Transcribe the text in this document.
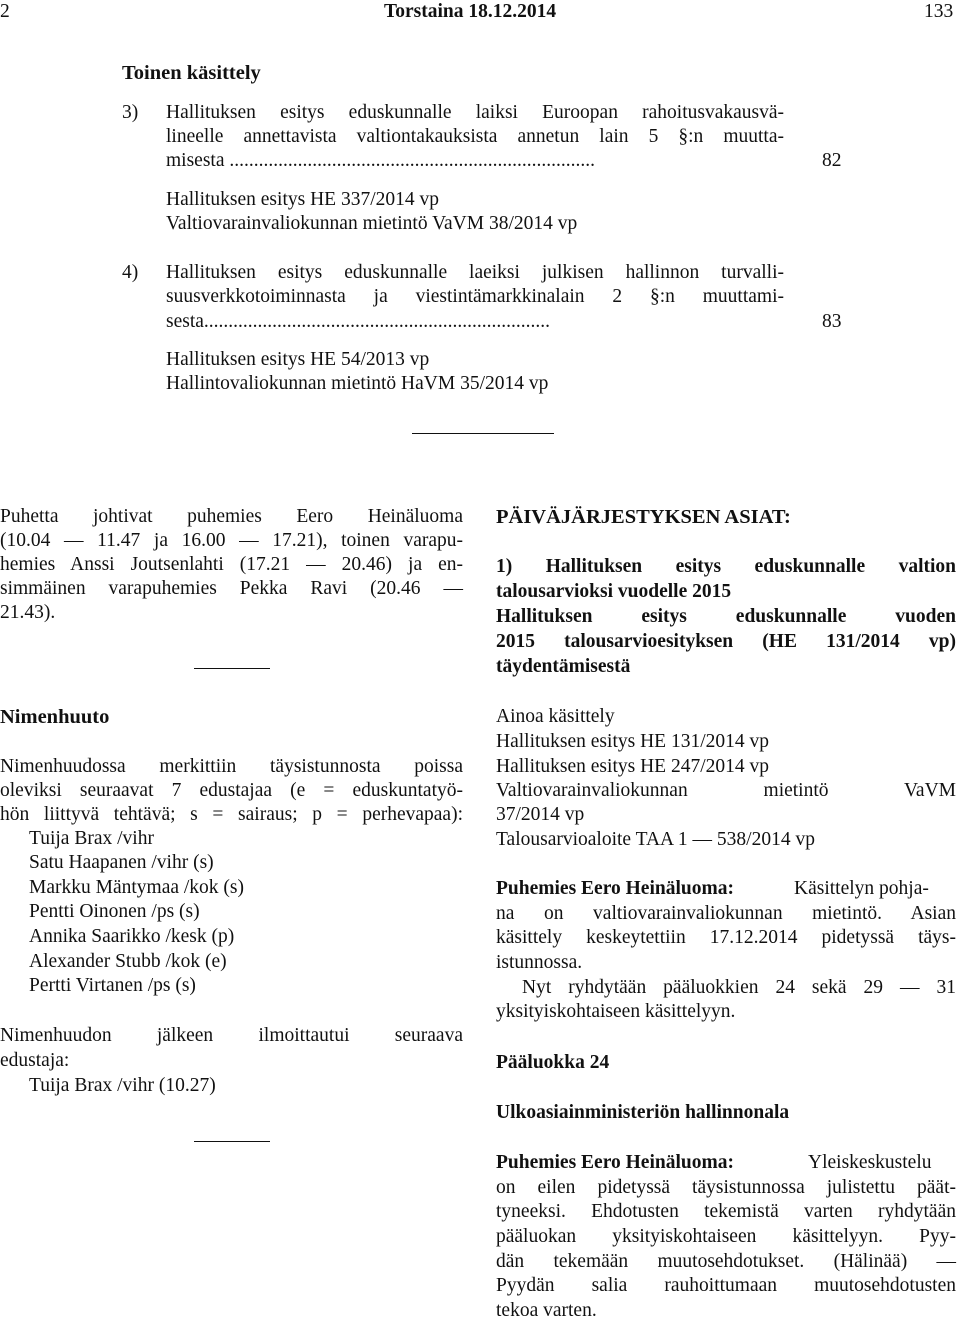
2	Torstaina 18.12.2014	133
Toinen käsittely
3) Hallituksen esitys eduskunnalle laiksi Euroopan rahoitusvakausvä-
lineelle annettavista valtiontakauksista annetun lain 5 §:n muutta-
misesta ...........................................................................	82
Hallituksen esitys HE 337/2014 vp
Valtiovarainvaliokunnan mietintö VaVM 38/2014 vp
4) Hallituksen esitys eduskunnalle laeiksi julkisen hallinnon turvalli-
suusverkkotoiminnasta ja viestintämarkkinalain 2 §:n muuttami-
sesta.......................................................................	83
Hallituksen esitys HE 54/2013 vp
Hallintovaliokunnan mietintö HaVM 35/2014 vp
Puhetta johtivat puhemies Eero Heinäluoma
(10.04 — 11.47 ja 16.00 — 17.21), toinen varapu-
hemies Anssi Joutsenlahti (17.21 — 20.46) ja en-
simmäinen varapuhemies Pekka Ravi (20.46 —
21.43).
Nimenhuuto
Nimenhuudossa merkittiin täysistunnosta poissa
oleviksi seuraavat 7 edustajaa (e = eduskuntatyö-
hön liittyvä tehtävä; s = sairaus; p = perhevapaa):
Tuija Brax /vihr
Satu Haapanen /vihr (s)
Markku Mäntymaa /kok (s)
Pentti Oinonen /ps (s)
Annika Saarikko /kesk (p)
Alexander Stubb /kok (e)
Pertti Virtanen /ps (s)
Nimenhuudon jälkeen ilmoittautui seuraava
edustaja:
Tuija Brax /vihr (10.27)
PÄIVÄJÄRJESTYKSEN ASIAT:
1) Hallituksen esitys eduskunnalle valtion
talousarvioksi vuodelle 2015
Hallituksen esitys eduskunnalle vuoden
2015 talousarvioesityksen (HE 131/2014 vp)
täydentämisestä
Ainoa käsittely
Hallituksen esitys HE 131/2014 vp
Hallituksen esitys HE 247/2014 vp
Valtiovarainvaliokunnan mietintö VaVM
37/2014 vp
Talousarvioaloite TAA 1 — 538/2014 vp
Puhemies Eero Heinäluoma:	Käsittelyn pohja-
na on valtiovarainvaliokunnan mietintö. Asian
käsittely keskeytettiin 17.12.2014 pidetyssä täys-
istunnossa.
Nyt ryhdytään pääluokkien 24 sekä 29 — 31
yksityiskohtaiseen käsittelyyn.
Pääluokka 24
Ulkoasiainministeriön hallinnonala
Puhemies Eero Heinäluoma:	Yleiskeskustelu
on eilen pidetyssä täysistunnossa julistettu päät-
tyneeksi. Ehdotusten tekemistä varten ryhdytään
pääluokan yksityiskohtaiseen käsittelyyn. Pyy-
dän tekemään muutosehdotukset. (Hälinää) —
Pyydän salia rauhoittumaan muutosehdotusten
tekoa varten.
